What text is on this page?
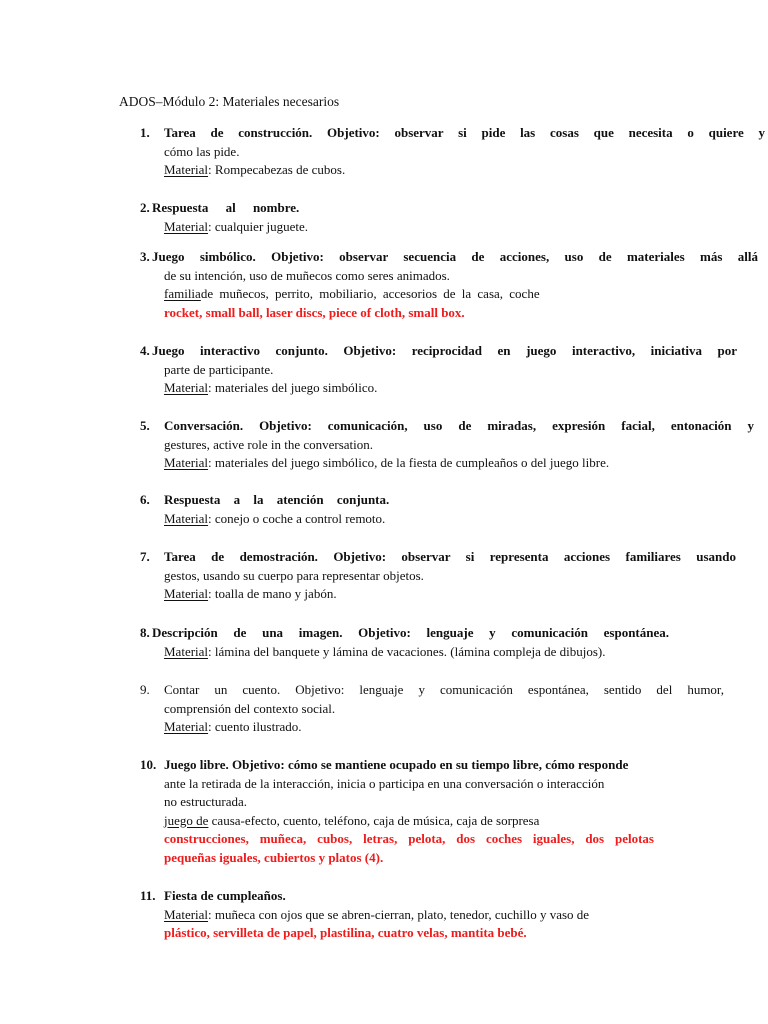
ADOS–Módulo 2: Materiales necesarios
1.	Tarea de construcción. Objetivo: observar si pide las cosas que necesita o quiere y
cómo las pide.
Material: Rompecabezas de cubos.
2. Respuesta al nombre.
Material: cualquier juguete.
3. Juego simbólico. Objetivo: observar secuencia de acciones, uso de materiales más allá
de su intención, uso de muñecos como seres animados.
familia de muñecos, perrito, mobiliario, accesorios de la casa, coche
rocket, small ball, laser discs, piece of cloth, small box.
4. Juego interactivo conjunto. Objetivo: reciprocidad en juego interactivo, iniciativa por
parte de participante.
Material: materiales del juego simbólico.
5.	Conversación. Objetivo: comunicación, uso de miradas, expresión facial, entonación y
gestures, active role in the conversation.
Material: materiales del juego simbólico, de la fiesta de cumpleaños o del juego libre.
6.	Respuesta a la atención conjunta.
Material: conejo o coche a control remoto.
7.	Tarea de demostración. Objetivo: observar si representa acciones familiares usando
gestos, usando su cuerpo para representar objetos.
Material: toalla de mano y jabón.
8. Descripción de una imagen. Objetivo: lenguaje y comunicación espontánea.
Material: lámina del banquete y lámina de vacaciones. (lámina compleja de dibujos).
9.	Contar un cuento. Objetivo: lenguaje y comunicación espontánea, sentido del humor,
comprensión del contexto social.
Material: cuento ilustrado.
10. Juego libre. Objetivo: cómo se mantiene ocupado en su tiempo libre, cómo responde
ante la retirada de la interacción, inicia o participa en una conversación o interacción
no estructurada.
juego de causa-efecto, cuento, teléfono, caja de música, caja de sorpresa
construcciones, muñeca, cubos, letras, pelota, dos coches iguales, dos pelotas
pequeñas iguales, cubiertos y platos (4).
11. Fiesta de cumpleaños.
Material: muñeca con ojos que se abren-cierran, plato, tenedor, cuchillo y vaso de
plástico, servilleta de papel, plastilina, cuatro velas, mantita bebé.
